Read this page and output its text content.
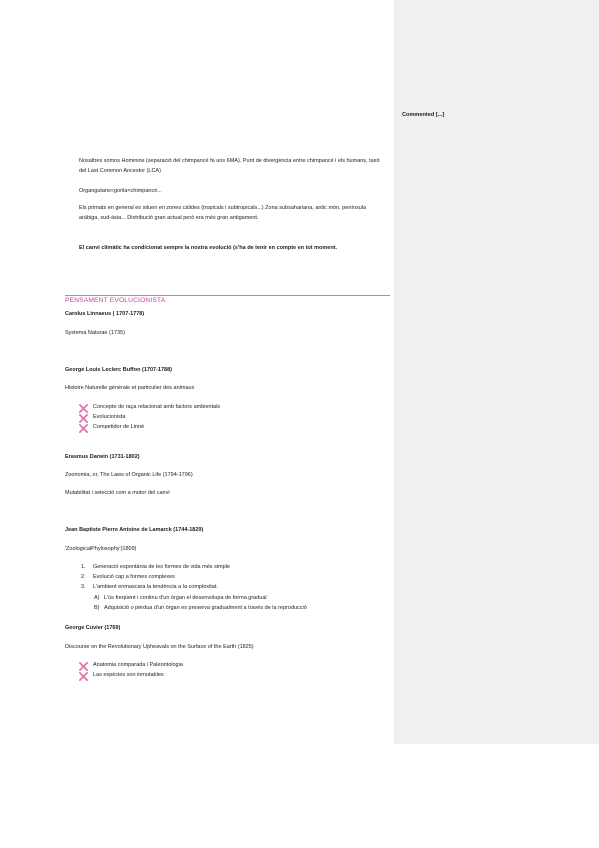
Nosaltres somos Hominins (separació del chimpancé fa uns 6MA). Punt de divergència entre chimpancé i els humans, taxó del Last Common Ancestor (LCA)
Organgutans<gorila<chimpancé...
Els primats en general es situen en zones càlides (tropicals i subtropicals...) Zona subsahariana, antic món, península aràbiga, sud-àsia... Distribució gran actual però era més gran antigament.
El canvi climàtic ha condicionat sempre la nostra evolució (s'ha de tenir en compte en tot moment.
PENSAMENT EVOLUCIONISTA
Carolus Linnaeus ( 1707-1778)
Systema Naturae (1735)
George Louis Leclerc Buffon (1707-1788)
Histoire Naturelle générale et particulier des animaux
Concepte de raça relacionat amb factors ambientals
Evolucionista
Competidor de Linné
Erasmus Darwin (1731-1802)
Zoonomia, or, The Laws of Organic Life (1794-1796)
Mutabilitat i selecció com a motor del canvi
Jean Baptiste Pierre Antoine de Lamarck (1744-1829)
'ZoologicalPhylosophy'(1809)
1. Generació espontània de les formes de vida més simple
2. Evolució cap a formes complexes
3. L'ambient enmascara la tendència a la complexitat.
A) L'ús freqüent i continu d'un òrgan el desenvolupa de forma gradual
B) Adquisició o pèrdua d'un òrgan es preserva gradualment a través de la reproducció
George Cuvier (1769)
Discourse on the Revolutionary Upheavals on the Surface of the Earth (1825)
Anatomia comparada i Paleontologia
Las espècies son inmutables
Commented [...]
